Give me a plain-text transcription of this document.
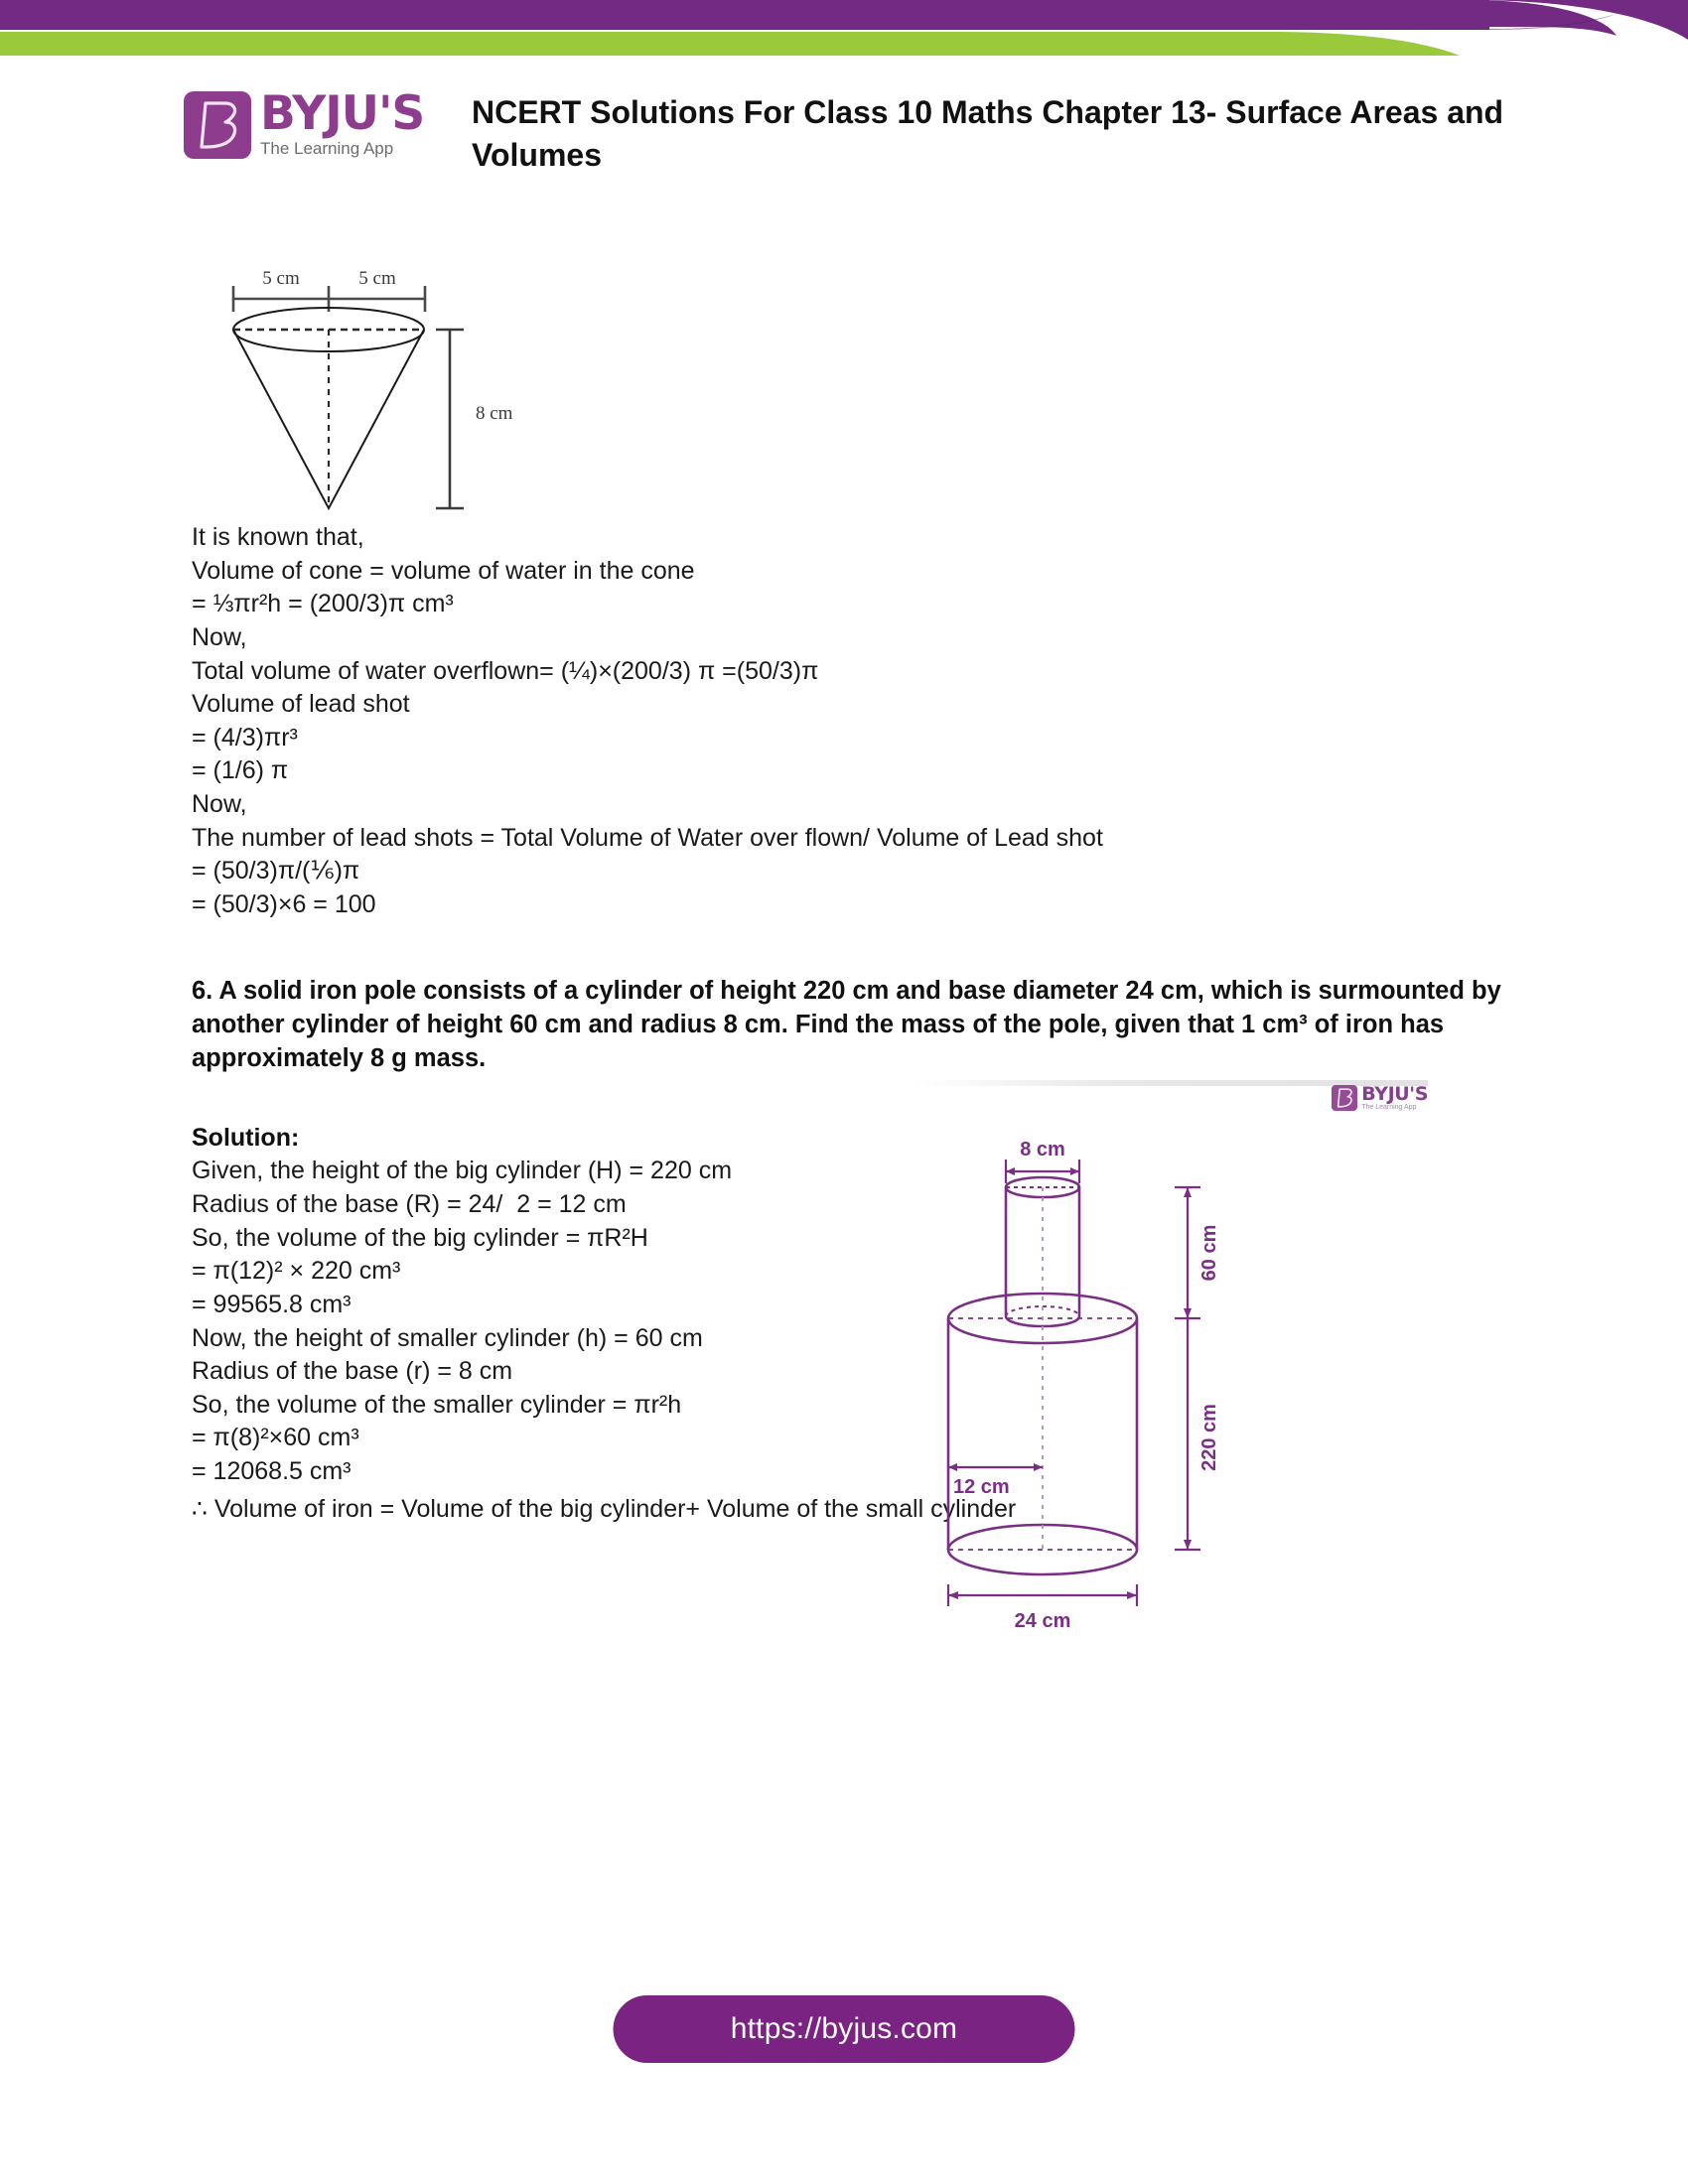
BYJU'S
The Learning App
NCERT Solutions For Class 10 Maths Chapter 13- Surface Areas and Volumes
5 cm	5 cm
8 cm
It is known that,
Volume of cone = volume of water in the cone
= ⅓πr²h = (200/3)π cm³
Now,
Total volume of water overflown= (¼)×(200/3) π =(50/3)π
Volume of lead shot
= (4/3)πr³
= (1/6) π
Now,
The number of lead shots = Total Volume of Water over flown/ Volume of Lead shot
= (50/3)π/(⅙)π
= (50/3)×6 = 100
6. A solid iron pole consists of a cylinder of height 220 cm and base diameter 24 cm, which is surmounted by another cylinder of height 60 cm and radius 8 cm. Find the mass of the pole, given that 1 cm³ of iron has approximately 8 g mass.
Solution:
Given, the height of the big cylinder (H) = 220 cm
Radius of the base (R) = 24/  2 = 12 cm
So, the volume of the big cylinder = πR²H
= π(12)² × 220 cm³
= 99565.8 cm³
Now, the height of smaller cylinder (h) = 60 cm
Radius of the base (r) = 8 cm
So, the volume of the smaller cylinder = πr²h
= π(8)²×60 cm³
= 12068.5 cm³
BYJU'S
The Learning App
8 cm
60 cm
220 cm
12 cm
24 cm
∴ Volume of iron = Volume of the big cylinder+ Volume of the small cylinder
https://byjus.com
